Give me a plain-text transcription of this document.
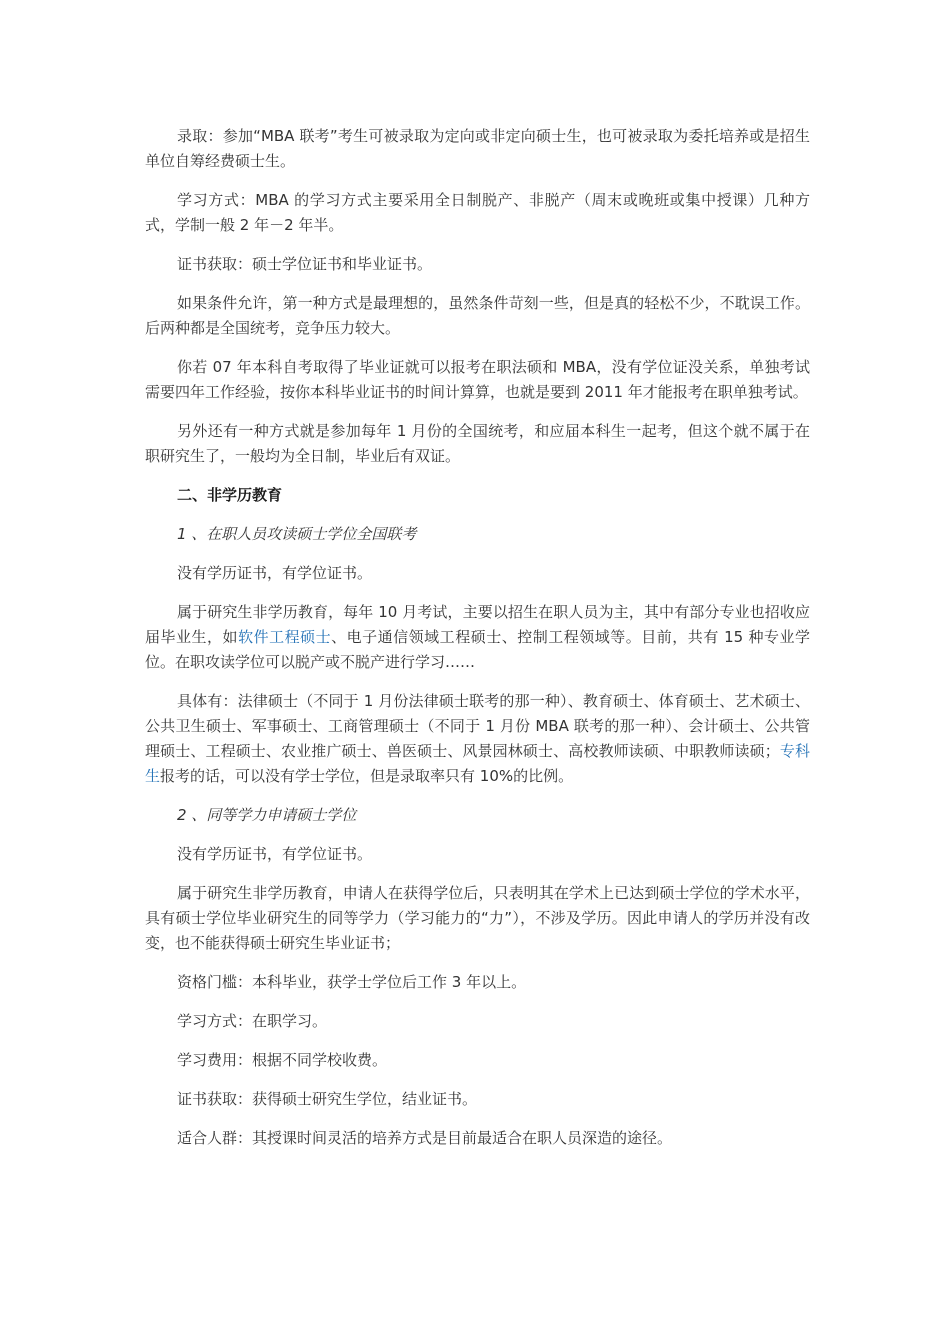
录取：参加“MBA 联考”考生可被录取为定向或非定向硕士生，也可被录取为委托培养或是招生单位自筹经费硕士生。

学习方式：MBA 的学习方式主要采用全日制脱产、非脱产（周末或晚班或集中授课）几种方式，学制一般 2 年－2 年半。

证书获取：硕士学位证书和毕业证书。

如果条件允许，第一种方式是最理想的，虽然条件苛刻一些，但是真的轻松不少，不耽误工作。后两种都是全国统考，竞争压力较大。

你若 07 年本科自考取得了毕业证就可以报考在职法硕和 MBA，没有学位证没关系，单独考试需要四年工作经验，按你本科毕业证书的时间计算算，也就是要到 2011 年才能报考在职单独考试。

另外还有一种方式就是参加每年 1 月份的全国统考，和应届本科生一起考，但这个就不属于在职研究生了，一般均为全日制，毕业后有双证。

二、非学历教育

1 、在职人员攻读硕士学位全国联考

没有学历证书，有学位证书。

属于研究生非学历教育，每年 10 月考试，主要以招生在职人员为主，其中有部分专业也招收应届毕业生，如软件工程硕士、电子通信领域工程硕士、控制工程领域等。目前，共有 15 种专业学位。在职攻读学位可以脱产或不脱产进行学习……

具体有：法律硕士（不同于 1 月份法律硕士联考的那一种）、教育硕士、体育硕士、艺术硕士、公共卫生硕士、军事硕士、工商管理硕士（不同于 1 月份 MBA 联考的那一种）、会计硕士、公共管理硕士、工程硕士、农业推广硕士、兽医硕士、风景园林硕士、高校教师读硕、中职教师读硕；专科生报考的话，可以没有学士学位，但是录取率只有 10%的比例。

2 、同等学力申请硕士学位

没有学历证书，有学位证书。

属于研究生非学历教育，申请人在获得学位后，只表明其在学术上已达到硕士学位的学术水平，具有硕士学位毕业研究生的同等学力（学习能力的“力”），不涉及学历。因此申请人的学历并没有改变，也不能获得硕士研究生毕业证书；

资格门槛：本科毕业，获学士学位后工作 3 年以上。

学习方式：在职学习。

学习费用：根据不同学校收费。

证书获取：获得硕士研究生学位，结业证书。

适合人群：其授课时间灵活的培养方式是目前最适合在职人员深造的途径。
